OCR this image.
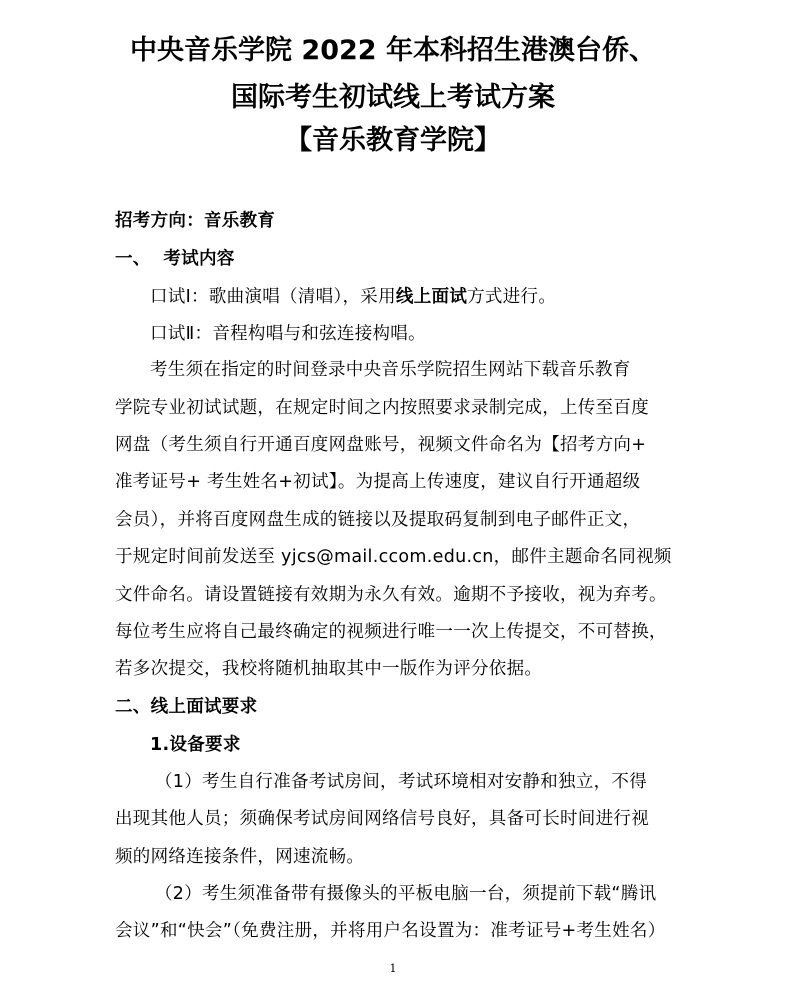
中央音乐学院 2022 年本科招生港澳台侨、
国际考生初试线上考试方案
【音乐教育学院】
招考方向：音乐教育
一、  考试内容
口试Ⅰ：歌曲演唱（清唱），采用线上面试方式进行。
口试Ⅱ：音程构唱与和弦连接构唱。
考生须在指定的时间登录中央音乐学院招生网站下载音乐教育
学院专业初试试题，在规定时间之内按照要求录制完成，上传至百度
网盘（考生须自行开通百度网盘账号，视频文件命名为【招考方向+
准考证号+ 考生姓名+初试】。为提高上传速度，建议自行开通超级
会员），并将百度网盘生成的链接以及提取码复制到电子邮件正文，
于规定时间前发送至 yjcs@mail.ccom.edu.cn，邮件主题命名同视频
文件命名。请设置链接有效期为永久有效。逾期不予接收，视为弃考。
每位考生应将自己最终确定的视频进行唯一一次上传提交，不可替换，
若多次提交，我校将随机抽取其中一版作为评分依据。
二、线上面试要求
1.设备要求
（1）考生自行准备考试房间，考试环境相对安静和独立，不得
出现其他人员；须确保考试房间网络信号良好，具备可长时间进行视
频的网络连接条件，网速流畅。
（2）考生须准备带有摄像头的平板电脑一台，须提前下载“腾讯
会议”和“快会”（免费注册，并将用户名设置为：准考证号+考生姓名）
1
